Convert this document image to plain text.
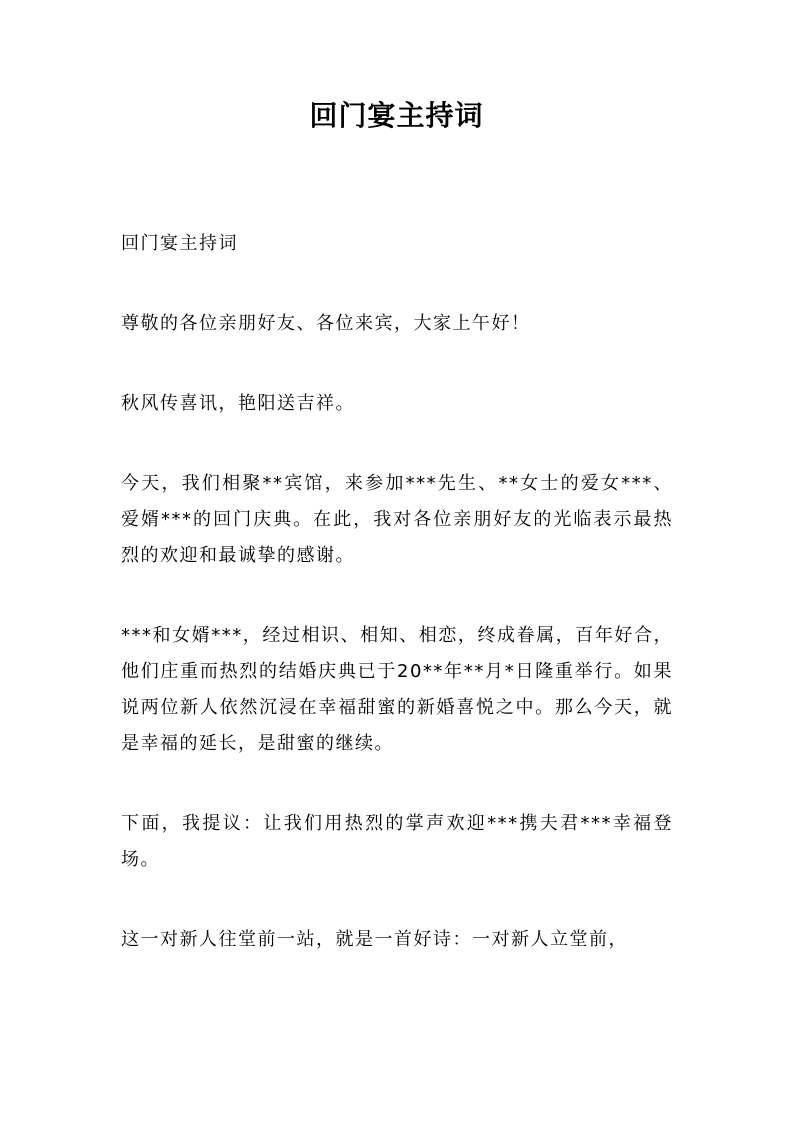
回门宴主持词

回门宴主持词

尊敬的各位亲朋好友、各位来宾，大家上午好！

秋风传喜讯，艳阳送吉祥。

今天，我们相聚**宾馆，来参加***先生、**女士的爱女***、爱婿***的回门庆典。在此，我对各位亲朋好友的光临表示最热烈的欢迎和最诚挚的感谢。

***和女婿***，经过相识、相知、相恋，终成眷属，百年好合，他们庄重而热烈的结婚庆典已于20**年**月*日隆重举行。如果说两位新人依然沉浸在幸福甜蜜的新婚喜悦之中。那么今天，就是幸福的延长，是甜蜜的继续。

下面，我提议：让我们用热烈的掌声欢迎***携夫君***幸福登场。

这一对新人往堂前一站，就是一首好诗：一对新人立堂前，
